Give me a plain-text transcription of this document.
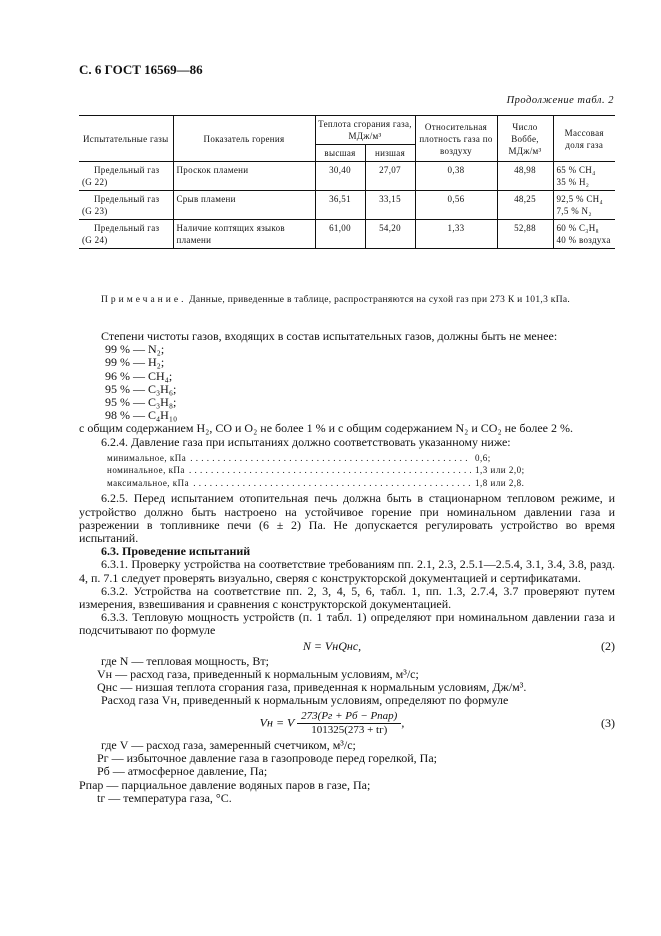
С. 6 ГОСТ 16569—86
Продолжение табл. 2
Испытательные газы	Показатель горения	Теплота сгорания газа, МДж/м³		Относительная плотность газа по воздуху	Число Воббе, МДж/м³	Массовая доля газа
		высшая	низшая			
Предельный газ (G 22)	Проскок пламени	30,40	27,07	0,38	48,98	65 % CH₄
35 % H₂

Предельный газ (G 23)	Срыв пламени	36,51	33,15	0,56	48,25	92,5 % CH₄
7,5 % N₂

Предельный газ (G 24)	Наличие коптящих языков пламени	61,00	54,20	1,33	52,88	60 % C₃H₈
40 % воздуха
Примечание. Данные, приведенные в таблице, распространяются на сухой газ при 273 К и 101,3 кПа.

Степени чистоты газов, входящих в состав испытательных газов, должны быть не менее:

99 % — N₂;

99 % — H₂;

96 % — CH₄;

95 % — C₃H₆;

95 % — C₃H₈;

98 % — C₄H₁₀

с общим содержанием H₂, CO и O₂ не более 1 % и с общим содержанием N₂ и CO₂ не более 2 %.

6.2.4. Давление газа при испытаниях должно соответствовать указанному ниже:

минимальное, кПа . . .	0,6;
номинальное, кПа . . .	1,3 или 2,0;
максимальное, кПа . . .	1,8 или 2,8.

6.2.5. Перед испытанием отопительная печь должна быть в стационарном тепловом режиме, и устройство должно быть настроено на устойчивое горение при номинальном давлении газа и разрежении в топливнике печи (6 ± 2) Па. Не допускается регулировать устройство во время испытаний.

6.3. Проведение испытаний

6.3.1. Проверку устройства на соответствие требованиям пп. 2.1, 2.3, 2.5.1—2.5.4, 3.1, 3.4, 3.8, разд. 4, п. 7.1 следует проверять визуально, сверяя с конструкторской документацией и сертификатами.

6.3.2. Устройства на соответствие пп. 2, 3, 4, 5, 6, табл. 1, пп. 1.3, 2.7.4, 3.7 проверяют путем измерения, взвешивания и сравнения с конструкторской документацией.

6.3.3. Тепловую мощность устройств (п. 1 табл. 1) определяют при номинальном давлении газа и подсчитывают по формуле

N = VнQнс,	(2)

где N — тепловая мощность, Вт;

Vн — расход газа, приведенный к нормальным условиям, м³/с;

Qнс — низшая теплота сгорания газа, приведенная к нормальным условиям, Дж/м³.

Расход газа Vн, приведенный к нормальным условиям, определяют по формуле

Vн = V $\frac{\text{273(Pг + Pб − Pпар)}}{101325(273 + tг)}$ ,	(3)

где V — расход газа, замеренный счетчиком, м³/с;

Pг — избыточное давление газа в газопроводе перед горелкой, Па;

Pб — атмосферное давление, Па;

Pпар — парциальное давление водяных паров в газе, Па;

tг — температура газа, °С.
